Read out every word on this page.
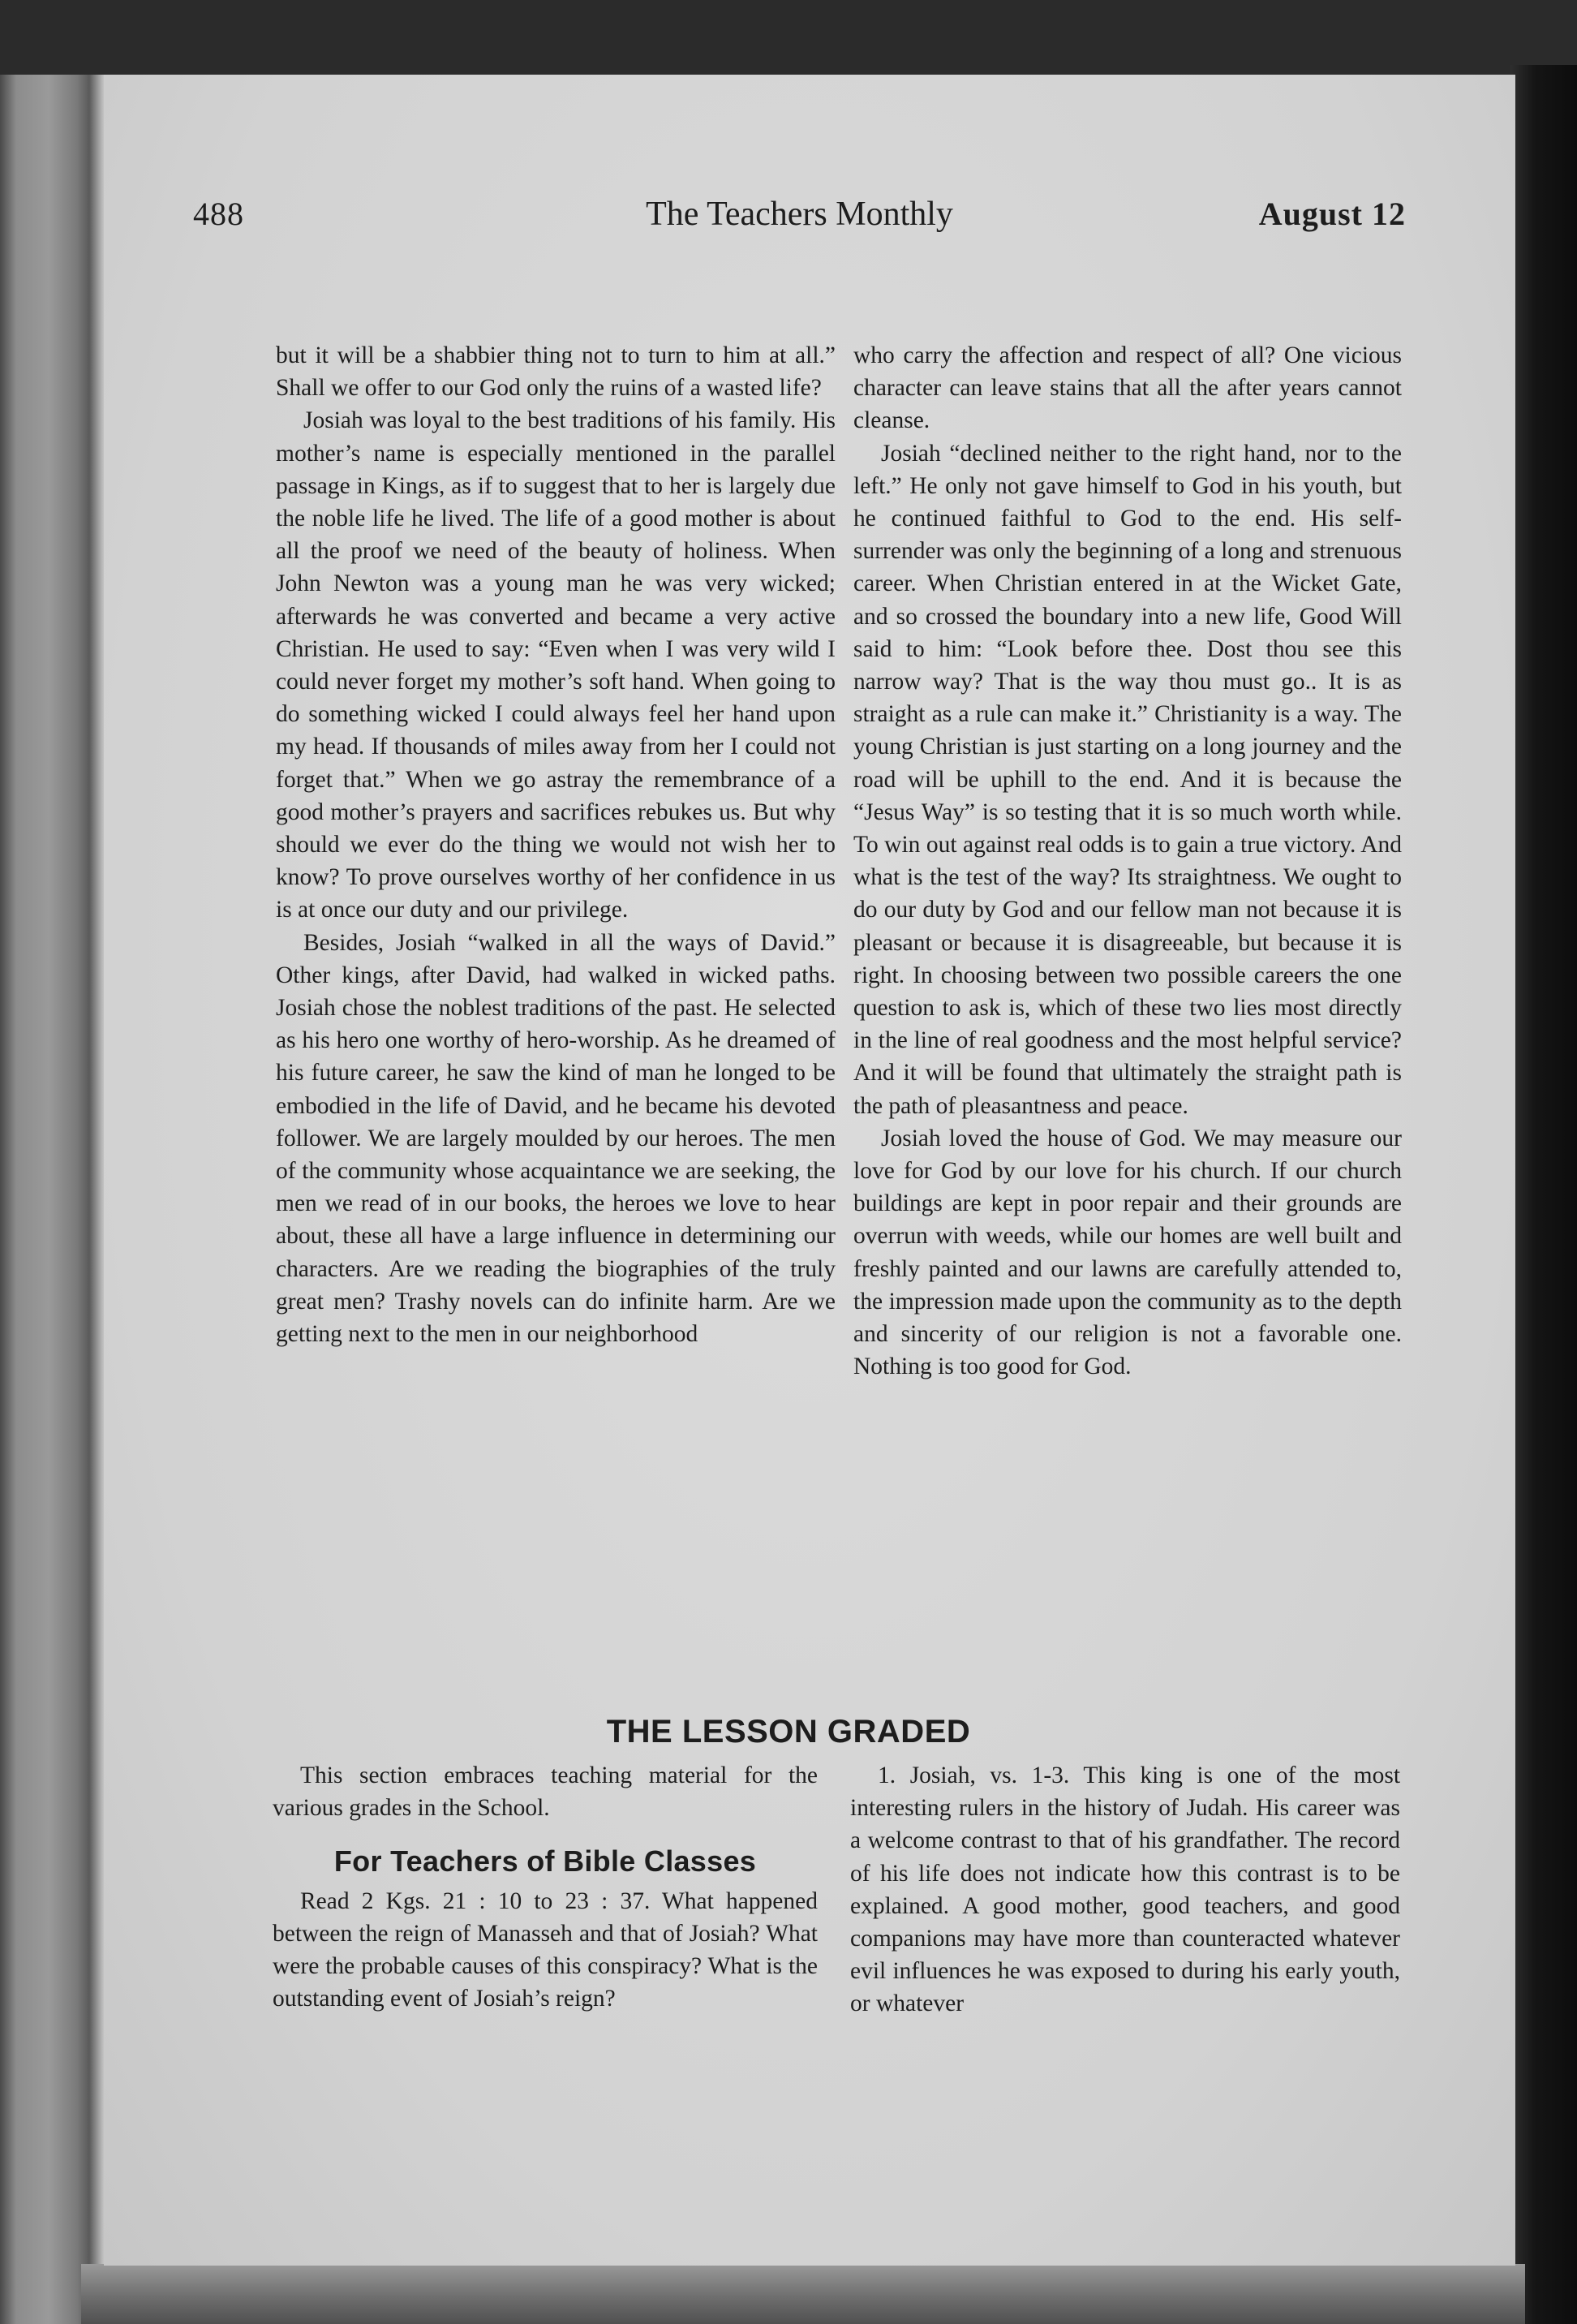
The Teachers Monthly
488	August 12

but it will be a shabbier thing not to turn to him at all.” Shall we offer to our God only the ruins of a wasted life?

Josiah was loyal to the best traditions of his family. His mother’s name is especially mentioned in the parallel passage in Kings, as if to suggest that to her is largely due the noble life he lived. The life of a good mother is about all the proof we need of the beauty of holiness. When John Newton was a young man he was very wicked; afterwards he was converted and became a very active Christian. He used to say: “Even when I was very wild I could never forget my mother’s soft hand. When going to do something wicked I could always feel her hand upon my head. If thousands of miles away from her I could not forget that.” When we go astray the remembrance of a good mother’s prayers and sacrifices rebukes us. But why should we ever do the thing we would not wish her to know? To prove ourselves worthy of her confidence in us is at once our duty and our privilege.

Besides, Josiah “walked in all the ways of David.” Other kings, after David, had walked in wicked paths. Josiah chose the noblest traditions of the past. He selected as his hero one worthy of hero-worship. As he dreamed of his future career, he saw the kind of man he longed to be embodied in the life of David, and he became his devoted follower. We are largely moulded by our heroes. The men of the community whose acquaintance we are seeking, the men we read of in our books, the heroes we love to hear about, these all have a large influence in determining our characters. Are we reading the biographies of the truly great men? Trashy novels can do infinite harm. Are we getting next to the men in our neighborhood

who carry the affection and respect of all? One vicious character can leave stains that all the after years cannot cleanse.

Josiah “declined neither to the right hand, nor to the left.” He only not gave himself to God in his youth, but he continued faithful to God to the end. His self-surrender was only the beginning of a long and strenuous career. When Christian entered in at the Wicket Gate, and so crossed the boundary into a new life, Good Will said to him: “Look before thee. Dost thou see this narrow way? That is the way thou must go.. It is as straight as a rule can make it.” Christianity is a way. The young Christian is just starting on a long journey and the road will be uphill to the end. And it is because the “Jesus Way” is so testing that it is so much worth while. To win out against real odds is to gain a true victory. And what is the test of the way? Its straightness. We ought to do our duty by God and our fellow man not because it is pleasant or because it is disagreeable, but because it is right. In choosing between two possible careers the one question to ask is, which of these two lies most directly in the line of real goodness and the most helpful service? And it will be found that ultimately the straight path is the path of pleasantness and peace.

Josiah loved the house of God. We may measure our love for God by our love for his church. If our church buildings are kept in poor repair and their grounds are overrun with weeds, while our homes are well built and freshly painted and our lawns are carefully attended to, the impression made upon the community as to the depth and sincerity of our religion is not a favorable one. Nothing is too good for God.

THE LESSON GRADED

This section embraces teaching material for the various grades in the School.

For Teachers of Bible Classes

Read 2 Kgs. 21 : 10 to 23 : 37. What happened between the reign of Manasseh and that of Josiah? What were the probable causes of this conspiracy? What is the outstanding event of Josiah’s reign?

1. Josiah, vs. 1-3. This king is one of the most interesting rulers in the history of Judah. His career was a welcome contrast to that of his grandfather. The record of his life does not indicate how this contrast is to be explained. A good mother, good teachers, and good companions may have more than counteracted whatever evil influences he was exposed to during his early youth, or whatever
